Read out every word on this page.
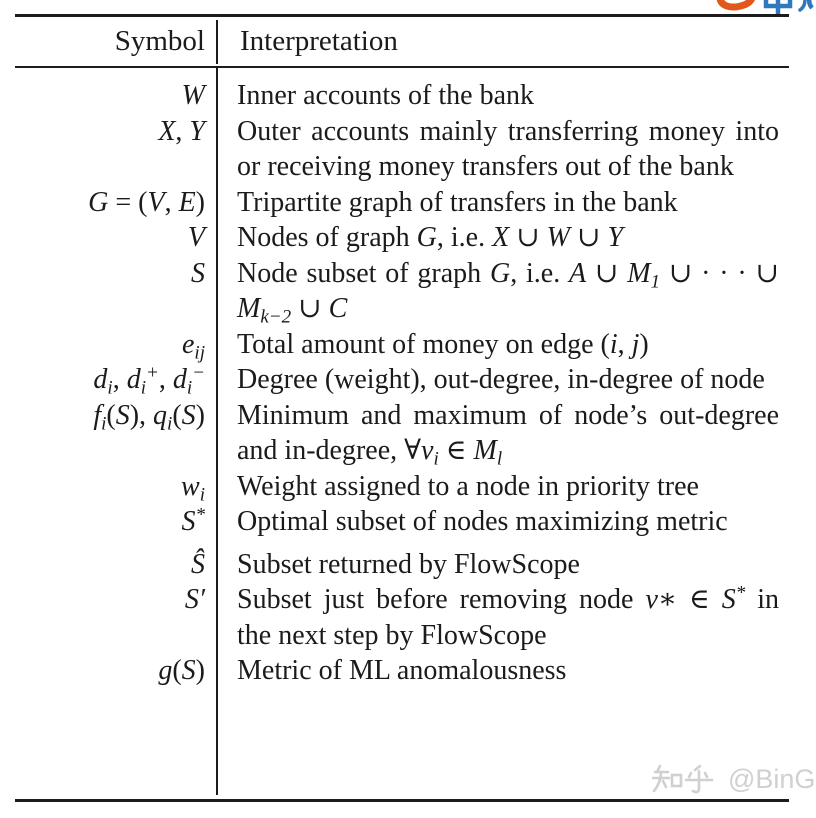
Symbol	Interpretation
W	Inner accounts of the bank
X, Y	Outer accounts mainly transferring money into or receiving money transfers out of the bank
G = (V, E)	Tripartite graph of transfers in the bank
V	Nodes of graph G, i.e. X ∪ W ∪ Y
S	Node subset of graph G, i.e. A ∪ $M_1$ ∪ · · · ∪ $M_{k-2}$ ∪ C
$e_{ij}$	Total amount of money on edge (i, j)
$d_i$, $d_i^+$, $d_i^-$	Degree (weight), out-degree, in-degree of node
$f_i(S)$, $q_i(S)$	Minimum and maximum of node’s out-degree and in-degree, $\forall v_i$ ∈ $M_l$
$w_i$	Weight assigned to a node in priority tree
S*	Optimal subset of nodes maximizing metric
Ŝ	Subset returned by FlowScope
S′	Subset just before removing node v∗ ∈ S* in the next step by FlowScope
g(S)	Metric of ML anomalousness
@BinG
